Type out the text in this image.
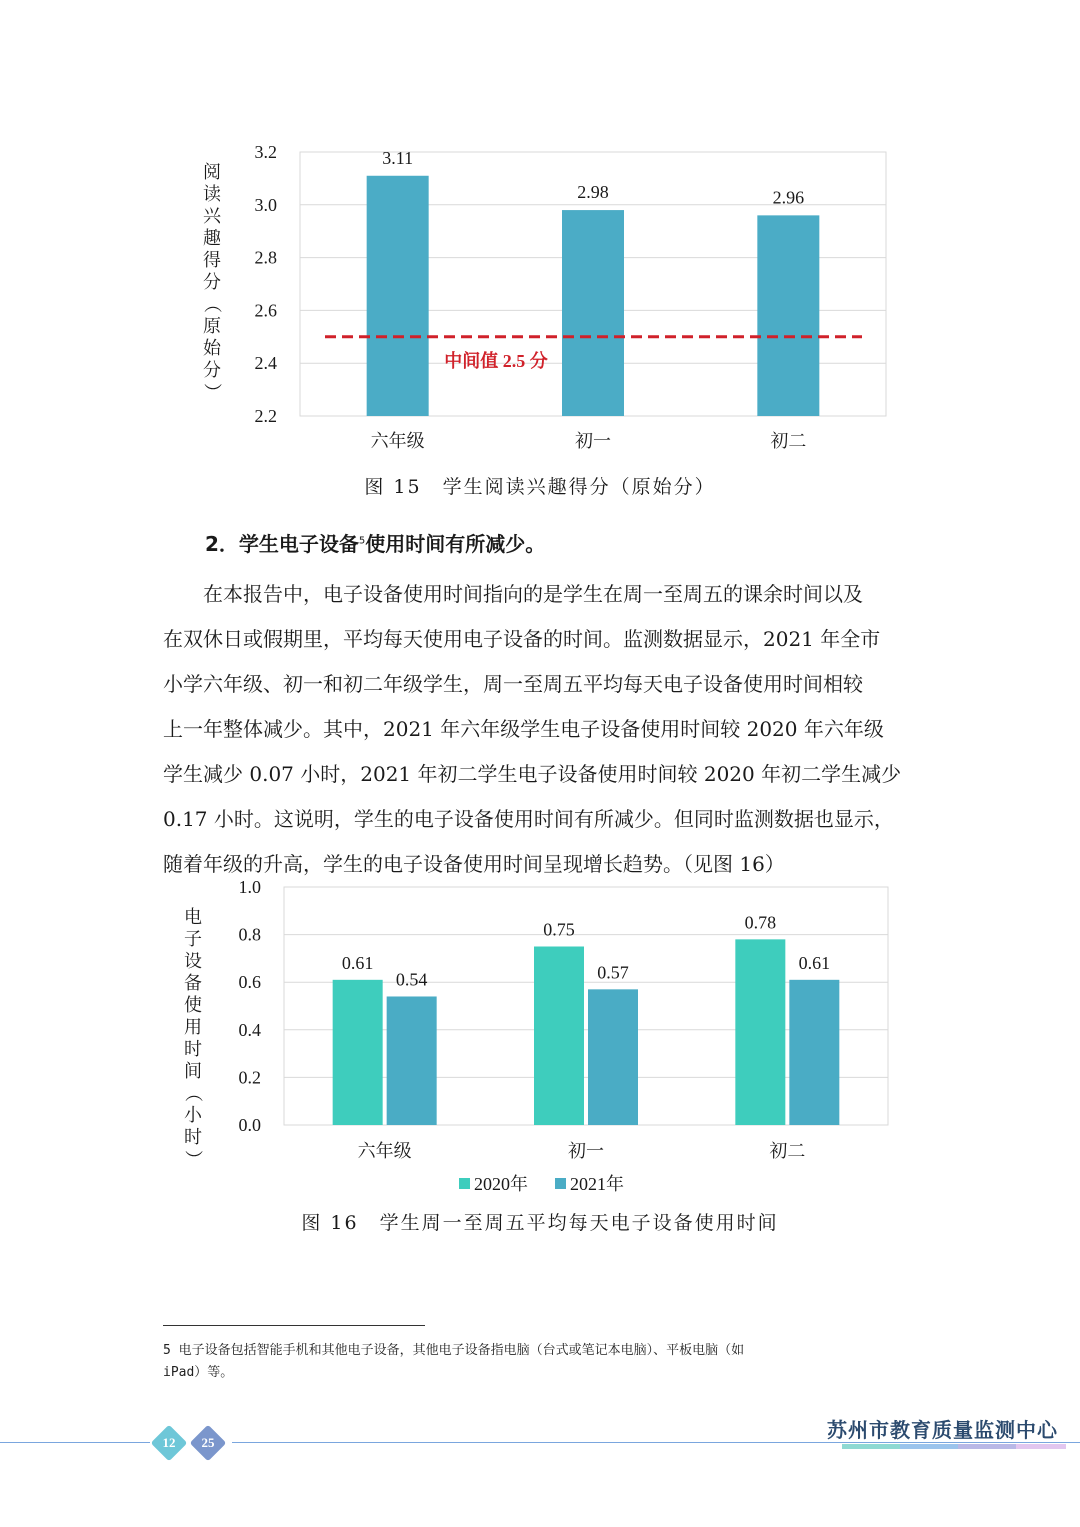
3.2
3.0
2.8
2.6
2.4
2.2
3.11
六年级
2.98
初一
2.96
初二
中间值 2.5 分
阅
读
兴
趣
得
分
（
原
始
分
）
图 15　学生阅读兴趣得分（原始分）
2．学生电子设备$^5$使用时间有所减少。
　　在本报告中，电子设备使用时间指向的是学生在周一至周五的课余时间以及
在双休日或假期里，平均每天使用电子设备的时间。监测数据显示，2021 年全市
小学六年级、初一和初二年级学生，周一至周五平均每天电子设备使用时间相较
上一年整体减少。其中，2021 年六年级学生电子设备使用时间较 2020 年六年级
学生减少 0.07 小时，2021 年初二学生电子设备使用时间较 2020 年初二学生减少
0.17 小时。这说明，学生的电子设备使用时间有所减少。但同时监测数据也显示，
随着年级的升高，学生的电子设备使用时间呈现增长趋势。（见图 16）
1.0
0.8
0.6
0.4
0.2
0.0
0.61
0.54
六年级
0.75
0.57
初一
0.78
0.61
初二
2020年 2021年
电
子
设
备
使
用
时
间
（
小
时
）
图 16　学生周一至周五平均每天电子设备使用时间
5 电子设备包括智能手机和其他电子设备，其他电子设备指电脑（台式或笔记本电脑）、平板电脑（如
iPad）等。
12	/ 25
苏州市教育质量监测中心
